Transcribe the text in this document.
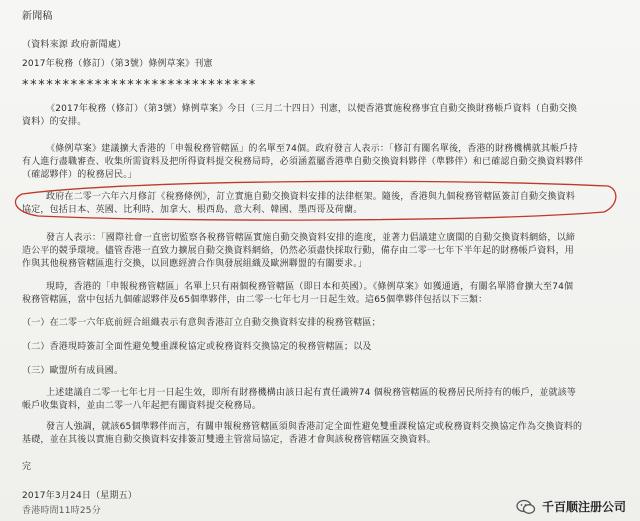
新聞稿
（資料來源 政府新聞處）
2017年稅務（修訂）（第3號）條例草案》刊憲
*****************************
《2017年稅務（修訂）（第3號）條例草案》今日（三月二十四日）刊憲，以便香港實施稅務事宜自動交換財務帳戶資料（自動交換
資料）的安排。
《條例草案》建議擴大香港的「申報稅務管轄區」的名單至74個。政府發言人表示：「修訂有關名單後，香港的財務機構就其帳戶持
有人進行盡職審查、收集所需資料及把所得資料提交稅務局時，必須涵蓋屬香港準自動交換資料夥伴（準夥伴）和已確認自動交換資料夥伴
（確認夥伴）的稅務居民。」
政府在二零一六年六月修訂《稅務條例》，訂立實施自動交換資料安排的法律框架。隨後，香港與九個稅務管轄區簽訂自動交換資料
協定，包括日本、英國、比利時、加拿大、根西島、意大利、韓國、墨西哥及荷蘭。
發言人表示：「國際社會一直密切監察各稅務管轄區實施自動交換資料安排的進度，並著力倡議建立廣闊的自動交換資料網絡，以締
造公平的競爭環境。儘管香港一直致力擴展自動交換資料網絡，仍然必須盡快採取行動，備存由二零一七年下半年起的財務帳戶資料，用
作與其他稅務管轄區進行交換，以回應經濟合作與發展組織及歐洲聯盟的有關要求。」
現時，香港的「申報稅務管轄區」名單上只有兩個稅務管轄區（即日本和英國）。《條例草案》如獲通過，有關名單將會擴大至74個
稅務管轄區，當中包括九個確認夥伴及65個準夥伴，由二零一七年七月一日起生效。這65個準夥伴包括以下三類：
（一）在二零一六年底前經合組織表示有意與香港訂立自動交換資料安排的稅務管轄區；
（二）香港現時簽訂全面性避免雙重課稅協定或稅務資料交換協定的稅務管轄區；以及
（三）歐盟所有成員國。
上述建議自二零一七年七月一日起生效，即所有財務機構由該日起有責任識辨74 個稅務管轄區的稅務居民所持有的帳戶，並就該等
帳戶收集資料，並由二零一八年起把有關資料提交稅務局。
發言人強調，就該65個準夥伴而言，有關申報稅務管轄區須與香港訂定全面性避免雙重課稅協定或稅務資料交換協定作為交換資料的
基礎，並在其後以實施自動交換資料安排簽訂雙邊主管當局協定，香港才會與該稅務管轄區交換資料。
完
2017年3月24日（星期五）
香港時間11時25分	千百顺注册公司
